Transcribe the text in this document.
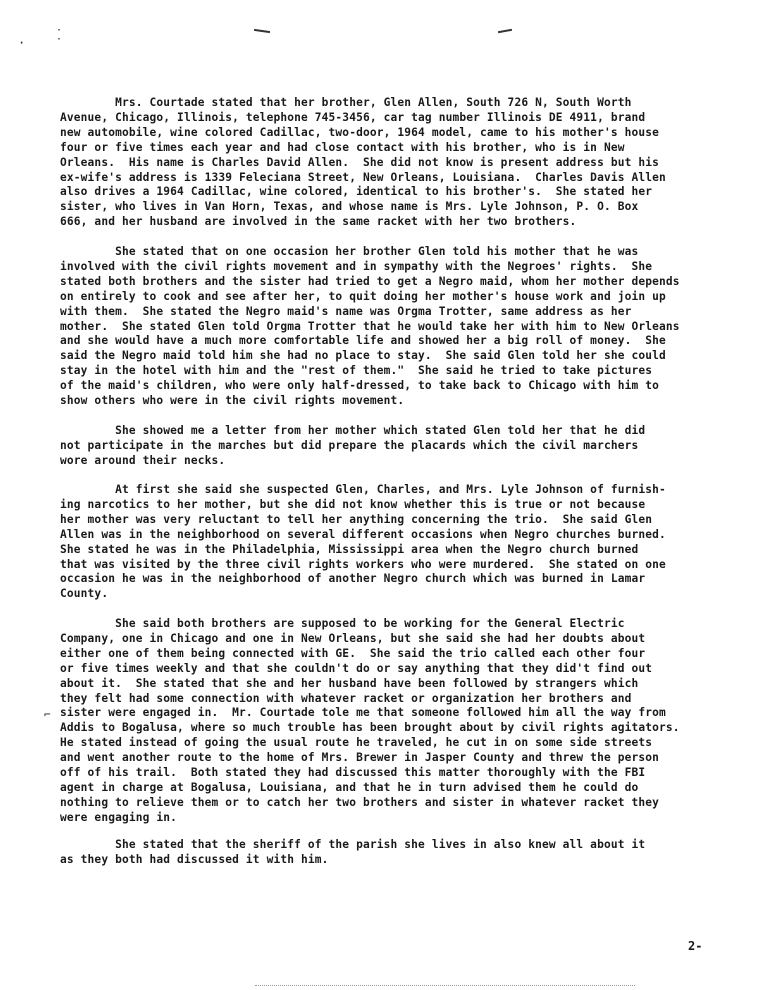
·
·
·
Mrs. Courtade stated that her brother, Glen Allen, South 726 N, South Worth
Avenue, Chicago, Illinois, telephone 745-3456, car tag number Illinois DE 4911, brand
new automobile, wine colored Cadillac, two-door, 1964 model, came to his mother's house
four or five times each year and had close contact with his brother, who is in New
Orleans.  His name is Charles David Allen.  She did not know is present address but his
ex-wife's address is 1339 Feleciana Street, New Orleans, Louisiana.  Charles Davis Allen
also drives a 1964 Cadillac, wine colored, identical to his brother's.  She stated her
sister, who lives in Van Horn, Texas, and whose name is Mrs. Lyle Johnson, P. O. Box
666, and her husband are involved in the same racket with her two brothers.
She stated that on one occasion her brother Glen told his mother that he was
involved with the civil rights movement and in sympathy with the Negroes' rights.  She
stated both brothers and the sister had tried to get a Negro maid, whom her mother depends
on entirely to cook and see after her, to quit doing her mother's house work and join up
with them.  She stated the Negro maid's name was Orgma Trotter, same address as her
mother.  She stated Glen told Orgma Trotter that he would take her with him to New Orleans
and she would have a much more comfortable life and showed her a big roll of money.  She
said the Negro maid told him she had no place to stay.  She said Glen told her she could
stay in the hotel with him and the "rest of them."  She said he tried to take pictures
of the maid's children, who were only half-dressed, to take back to Chicago with him to
show others who were in the civil rights movement.
She showed me a letter from her mother which stated Glen told her that he did
not participate in the marches but did prepare the placards which the civil marchers
wore around their necks.
At first she said she suspected Glen, Charles, and Mrs. Lyle Johnson of furnish-
ing narcotics to her mother, but she did not know whether this is true or not because
her mother was very reluctant to tell her anything concerning the trio.  She said Glen
Allen was in the neighborhood on several different occasions when Negro churches burned.
She stated he was in the Philadelphia, Mississippi area when the Negro church burned
that was visited by the three civil rights workers who were murdered.  She stated on one
occasion he was in the neighborhood of another Negro church which was burned in Lamar
County.
She said both brothers are supposed to be working for the General Electric
Company, one in Chicago and one in New Orleans, but she said she had her doubts about
either one of them being connected with GE.  She said the trio called each other four
or five times weekly and that she couldn't do or say anything that they did't find out
about it.  She stated that she and her husband have been followed by strangers which
they felt had some connection with whatever racket or organization her brothers and
sister were engaged in.  Mr. Courtade tole me that someone followed him all the way from
Addis to Bogalusa, where so much trouble has been brought about by civil rights agitators.
He stated instead of going the usual route he traveled, he cut in on some side streets
and went another route to the home of Mrs. Brewer in Jasper County and threw the person
off of his trail.  Both stated they had discussed this matter thoroughly with the FBI
agent in charge at Bogalusa, Louisiana, and that he in turn advised them he could do
nothing to relieve them or to catch her two brothers and sister in whatever racket they
were engaging in.
She stated that the sheriff of the parish she lives in also knew all about it
as they both had discussed it with him.
⌐
2-
